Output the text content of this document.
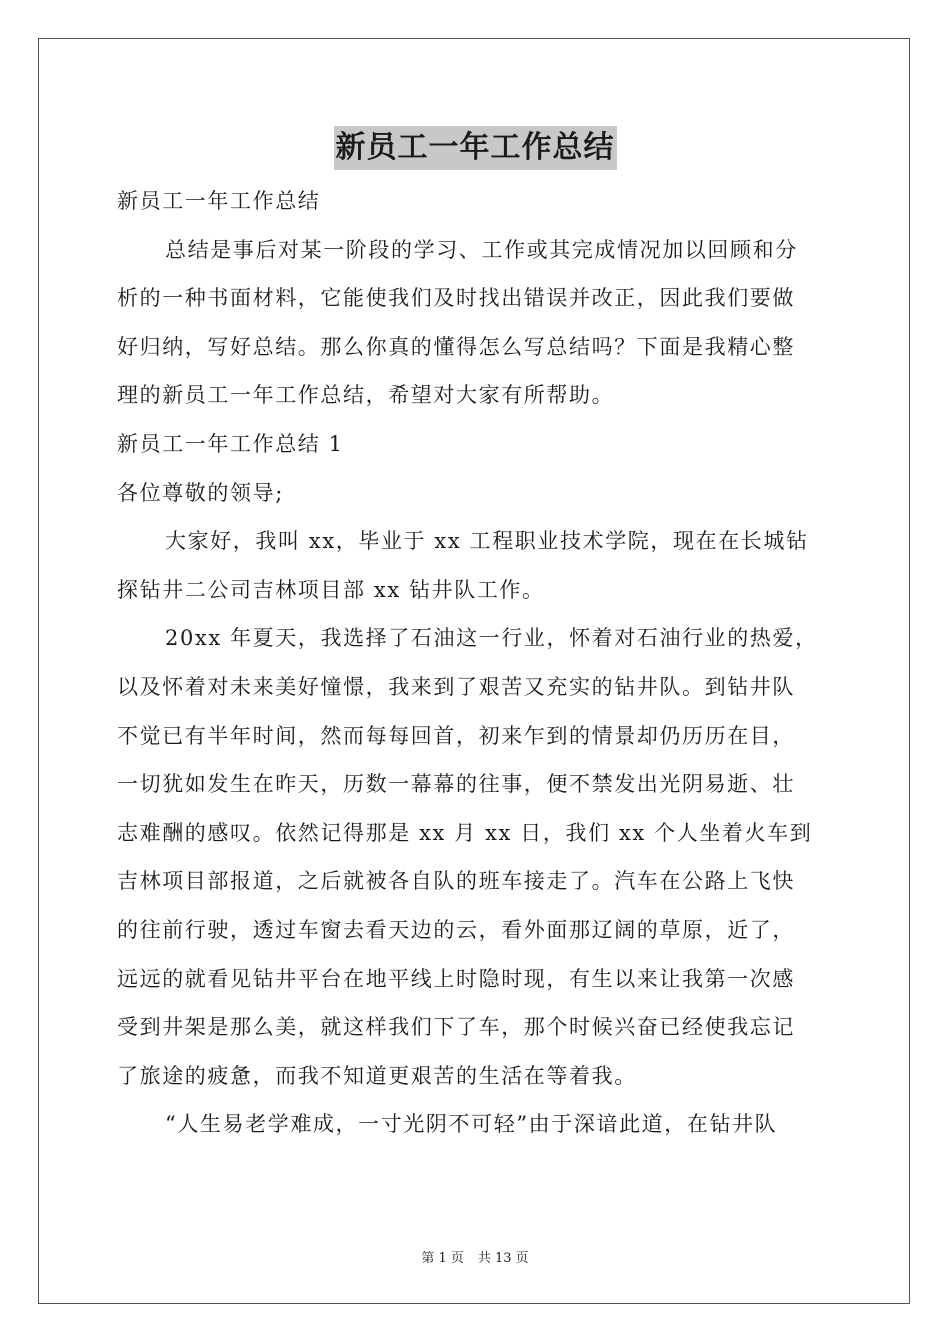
新员工一年工作总结
新员工一年工作总结
总结是事后对某一阶段的学习、工作或其完成情况加以回顾和分
析的一种书面材料，它能使我们及时找出错误并改正，因此我们要做
好归纳，写好总结。那么你真的懂得怎么写总结吗？下面是我精心整
理的新员工一年工作总结，希望对大家有所帮助。
新员工一年工作总结 1
各位尊敬的领导;
大家好，我叫 xx，毕业于 xx 工程职业技术学院，现在在长城钻
探钻井二公司吉林项目部 xx 钻井队工作。
20xx 年夏天，我选择了石油这一行业，怀着对石油行业的热爱，
以及怀着对未来美好憧憬，我来到了艰苦又充实的钻井队。到钻井队
不觉已有半年时间，然而每每回首，初来乍到的情景却仍历历在目，
一切犹如发生在昨天，历数一幕幕的往事，便不禁发出光阴易逝、壮
志难酬的感叹。依然记得那是 xx 月 xx 日，我们 xx 个人坐着火车到
吉林项目部报道，之后就被各自队的班车接走了。汽车在公路上飞快
的往前行驶，透过车窗去看天边的云，看外面那辽阔的草原，近了，
远远的就看见钻井平台在地平线上时隐时现，有生以来让我第一次感
受到井架是那么美，就这样我们下了车，那个时候兴奋已经使我忘记
了旅途的疲惫，而我不知道更艰苦的生活在等着我。
“人生易老学难成，一寸光阴不可轻”由于深谙此道，在钻井队
第 1 页 共 13 页
